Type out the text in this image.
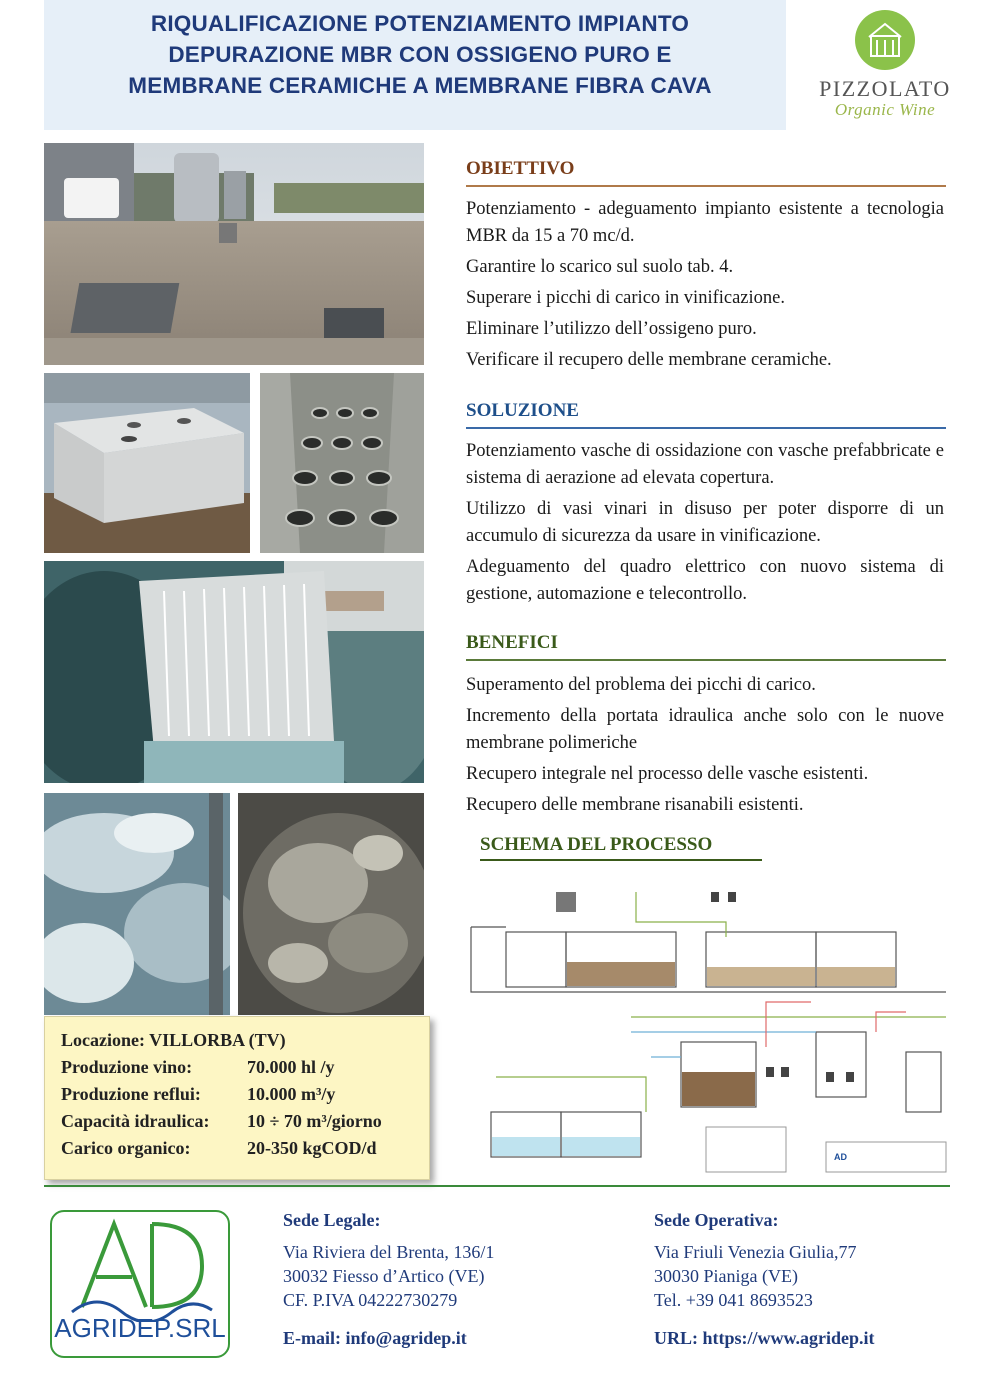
RIQUALIFICAZIONE POTENZIAMENTO IMPIANTO
DEPURAZIONE MBR CON OSSIGENO PURO E
MEMBRANE CERAMICHE A MEMBRANE FIBRA CAVA	PIZZOLATO
Organic Wine
OBIETTIVO

Potenziamento - adeguamento impianto esistente a tecnologia MBR da 15 a 70 mc/d.

Garantire lo scarico sul suolo tab. 4.

Superare i picchi di carico in vinificazione.

Eliminare l’utilizzo dell’ossigeno puro.

Verificare il recupero delle membrane ceramiche.

SOLUZIONE

Potenziamento vasche di ossidazione con vasche prefabbricate e sistema di aerazione ad elevata copertura.

Utilizzo di vasi vinari in disuso per poter disporre di un accumulo di sicurezza da usare in vinificazione.

Adeguamento del quadro elettrico con nuovo sistema di gestione, automazione e telecontrollo.

BENEFICI

Superamento del problema dei picchi di carico.

Incremento della portata idraulica anche solo con le nuove membrane polimeriche

Recupero integrale nel processo delle vasche esistenti.

Recupero delle membrane risanabili esistenti.

SCHEMA DEL PROCESSO
AD
Locazione: VILLORBA (TV)
Produzione vino:	70.000 hl /y
Produzione reflui:	10.000 m³/y
Capacità idraulica:	10 ÷ 70 m³/giorno
Carico organico:	20-350 kgCOD/d
AGRIDEP.SRL
Sede Legale:
Via Riviera del Brenta, 136/1
30032 Fiesso d’Artico (VE)
CF. P.IVA 04222730279
E-mail: info@agridep.it
Sede Operativa:
Via Friuli Venezia Giulia,77
30030 Pianiga (VE)
Tel. +39 041 8693523
URL: https://www.agridep.it
